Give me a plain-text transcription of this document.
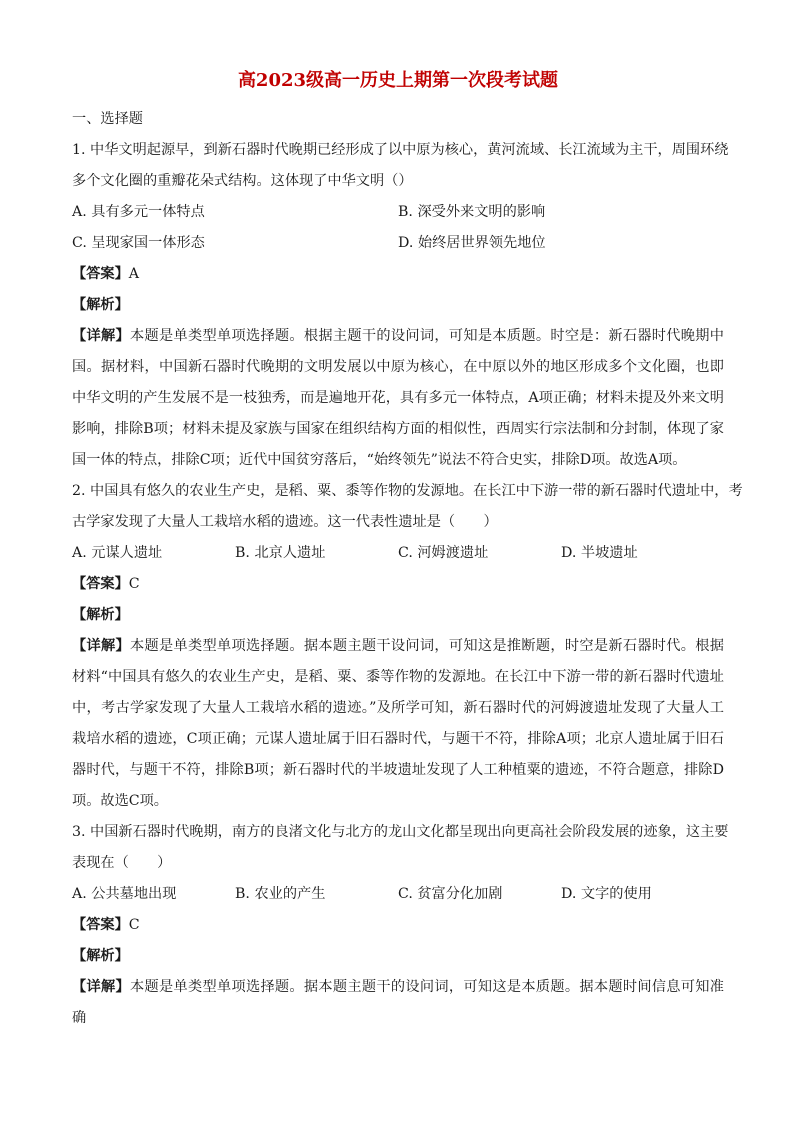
高2023级高一历史上期第一次段考试题
一、选择题
1. 中华文明起源早，到新石器时代晚期已经形成了以中原为核心，黄河流域、长江流域为主干，周围环绕
多个文化圈的重瓣花朵式结构。这体现了中华文明（）
A. 具有多元一体特点	B. 深受外来文明的影响
C. 呈现家国一体形态	D. 始终居世界领先地位
【答案】A
【解析】
【详解】本题是单类型单项选择题。根据主题干的设问词，可知是本质题。时空是：新石器时代晚期中国。据材料，中国新石器时代晚期的文明发展以中原为核心，在中原以外的地区形成多个文化圈，也即中华文明的产生发展不是一枝独秀，而是遍地开花，具有多元一体特点，A项正确；材料未提及外来文明影响，排除B项；材料未提及家族与国家在组织结构方面的相似性，西周实行宗法制和分封制，体现了家国一体的特点，排除C项；近代中国贫穷落后，“始终领先”说法不符合史实，排除D项。故选A项。
2. 中国具有悠久的农业生产史，是稻、粟、黍等作物的发源地。在长江中下游一带的新石器时代遗址中，考
古学家发现了大量人工栽培水稻的遗迹。这一代表性遗址是（　　）
A. 元谋人遗址	B. 北京人遗址	C. 河姆渡遗址	D. 半坡遗址
【答案】C
【解析】
【详解】本题是单类型单项选择题。据本题主题干设问词，可知这是推断题，时空是新石器时代。根据材料“中国具有悠久的农业生产史，是稻、粟、黍等作物的发源地。在长江中下游一带的新石器时代遗址中，考古学家发现了大量人工栽培水稻的遗迹。”及所学可知，新石器时代的河姆渡遗址发现了大量人工栽培水稻的遗迹，C项正确；元谋人遗址属于旧石器时代，与题干不符，排除A项；北京人遗址属于旧石器时代，与题干不符，排除B项；新石器时代的半坡遗址发现了人工种植粟的遗迹，不符合题意，排除D项。故选C项。
3. 中国新石器时代晚期，南方的良渚文化与北方的龙山文化都呈现出向更高社会阶段发展的迹象，这主要
表现在（　　）
A. 公共墓地出现	B. 农业的产生	C. 贫富分化加剧	D. 文字的使用
【答案】C
【解析】
【详解】本题是单类型单项选择题。据本题主题干的设问词，可知这是本质题。据本题时间信息可知准确
